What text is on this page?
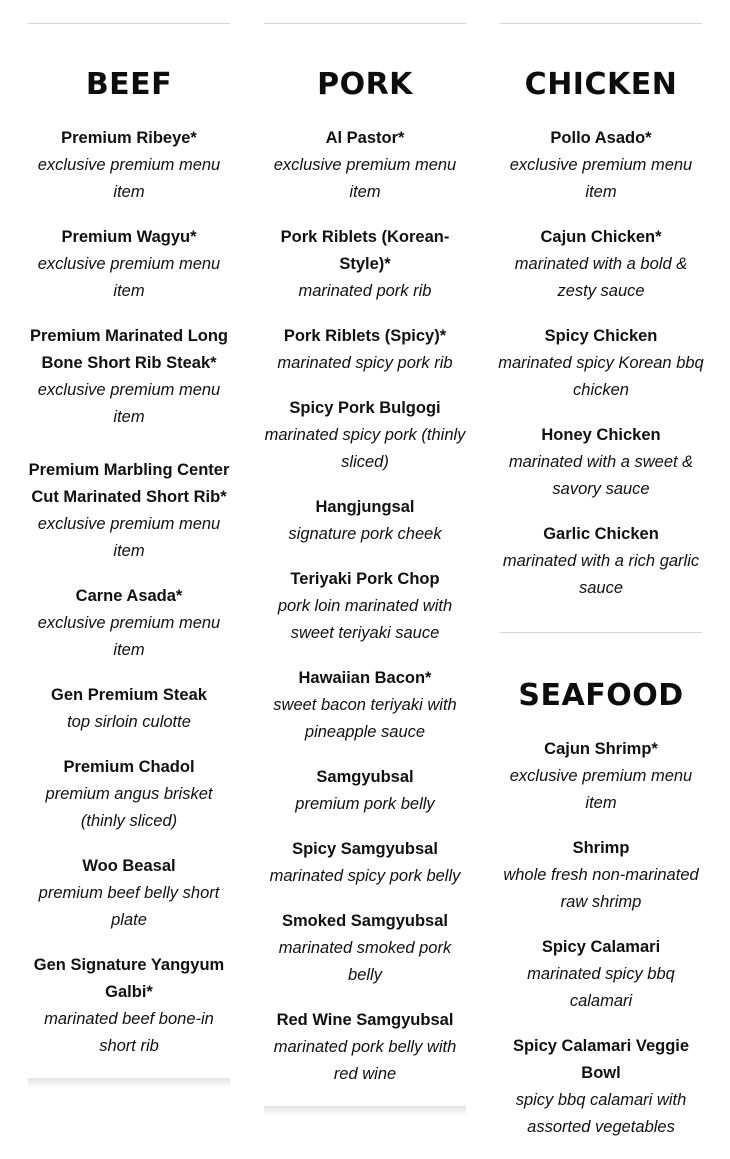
BEEF
Premium Ribeye*
exclusive premium menu item
Premium Wagyu*
exclusive premium menu item
Premium Marinated Long Bone Short Rib Steak*
exclusive premium menu item
Premium Marbling Center Cut Marinated Short Rib*
exclusive premium menu item
Carne Asada*
exclusive premium menu item
Gen Premium Steak
top sirloin culotte
Premium Chadol
premium angus brisket (thinly sliced)
Woo Beasal
premium beef belly short plate
Gen Signature Yangyum Galbi*
marinated beef bone-in short rib
PORK
Al Pastor*
exclusive premium menu item
Pork Riblets (Korean-Style)*
marinated pork rib
Pork Riblets (Spicy)*
marinated spicy pork rib
Spicy Pork Bulgogi
marinated spicy pork (thinly sliced)
Hangjungsal
signature pork cheek
Teriyaki Pork Chop
pork loin marinated with sweet teriyaki sauce
Hawaiian Bacon*
sweet bacon teriyaki with pineapple sauce
Samgyubsal
premium pork belly
Spicy Samgyubsal
marinated spicy pork belly
Smoked Samgyubsal
marinated smoked pork belly
Red Wine Samgyubsal
marinated pork belly with red wine
CHICKEN
Pollo Asado*
exclusive premium menu item
Cajun Chicken*
marinated with a bold & zesty sauce
Spicy Chicken
marinated spicy Korean bbq chicken
Honey Chicken
marinated with a sweet & savory sauce
Garlic Chicken
marinated with a rich garlic sauce
SEAFOOD
Cajun Shrimp*
exclusive premium menu item
Shrimp
whole fresh non-marinated raw shrimp
Spicy Calamari
marinated spicy bbq calamari
Spicy Calamari Veggie Bowl
spicy bbq calamari with assorted vegetables
